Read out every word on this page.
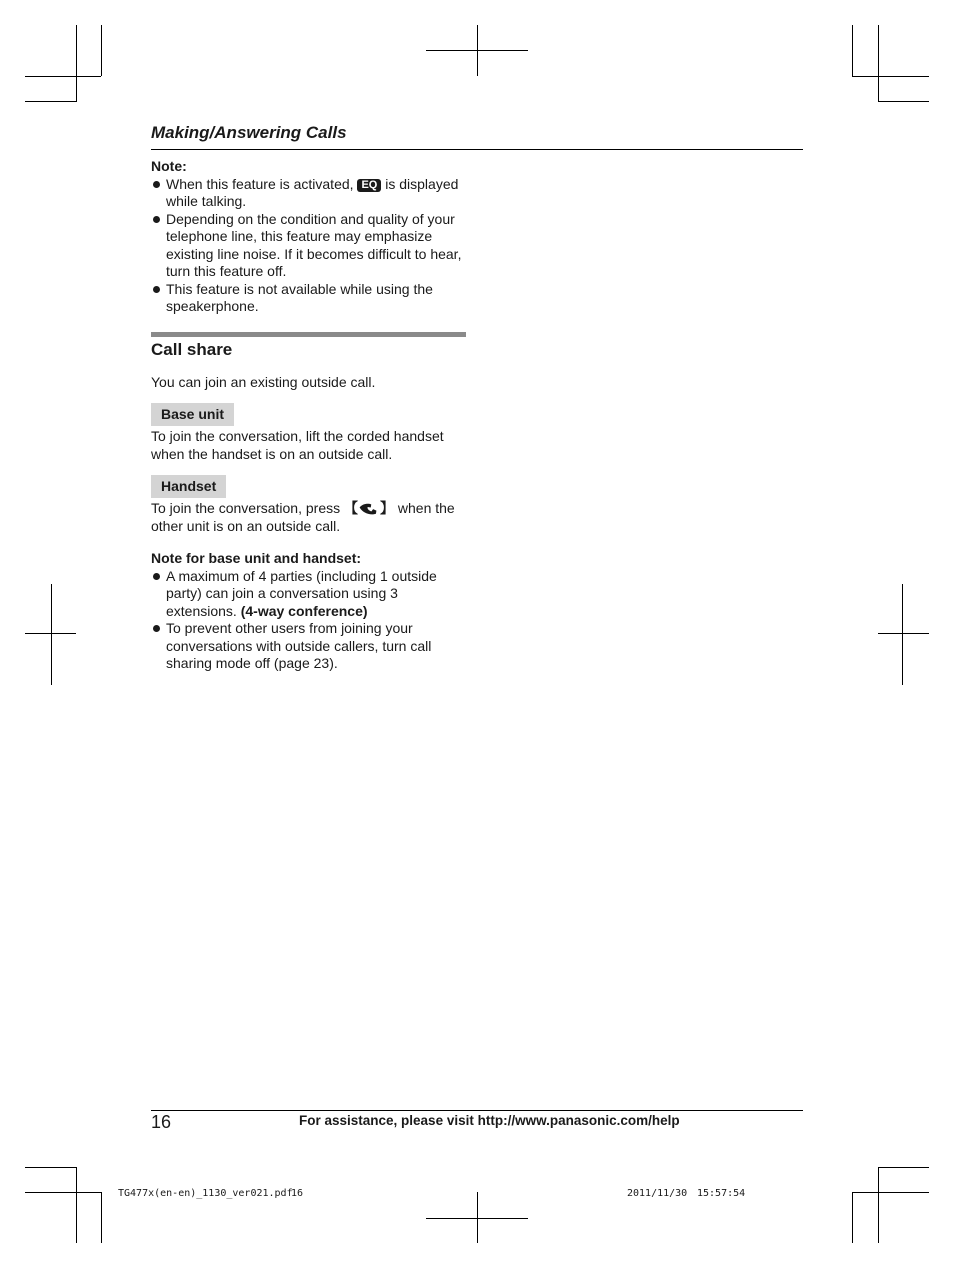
Making/Answering Calls
Note:
When this feature is activated, EQ is displayed while talking.
Depending on the condition and quality of your telephone line, this feature may emphasize existing line noise. If it becomes difficult to hear, turn this feature off.
This feature is not available while using the speakerphone.
Call share
You can join an existing outside call.
Base unit
To join the conversation, lift the corded handset when the handset is on an outside call.
Handset
To join the conversation, press 【 】 when the other unit is on an outside call.
Note for base unit and handset:
A maximum of 4 parties (including 1 outside party) can join a conversation using 3 extensions. (4-way conference)
To prevent other users from joining your conversations with outside callers, turn call sharing mode off (page 23).
16	For assistance, please visit http://www.panasonic.com/help
TG477x(en-en)_1130_ver021.pdf
16	2011/11/30 15:57:54
